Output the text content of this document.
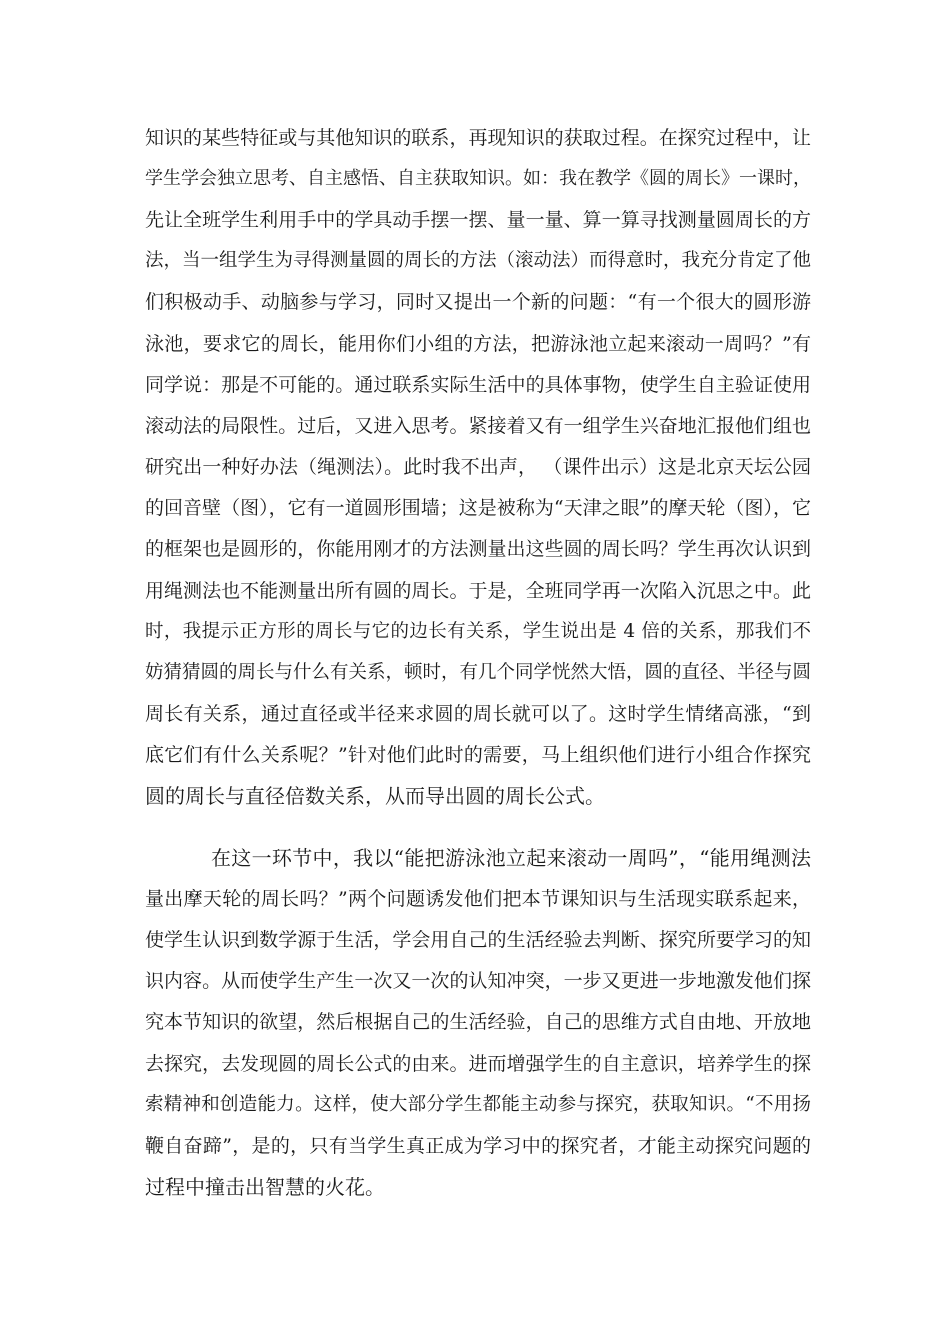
知识的某些特征或与其他知识的联系，再现知识的获取过程。在探究过程中，让
学生学会独立思考、自主感悟、自主获取知识。如：我在教学《圆的周长》一课时，
先让全班学生利用手中的学具动手摆一摆、量一量、算一算寻找测量圆周长的方
法，当一组学生为寻得测量圆的周长的方法（滚动法）而得意时，我充分肯定了他
们积极动手、动脑参与学习，同时又提出一个新的问题：“有一个很大的圆形游
泳池，要求它的周长，能用你们小组的方法，把游泳池立起来滚动一周吗？”有
同学说：那是不可能的。通过联系实际生活中的具体事物，使学生自主验证使用
滚动法的局限性。过后，又进入思考。紧接着又有一组学生兴奋地汇报他们组也
研究出一种好办法（绳测法）。此时我不出声， （课件出示）这是北京天坛公园
的回音壁（图），它有一道圆形围墙；这是被称为“天津之眼”的摩天轮（图），它
的框架也是圆形的，你能用刚才的方法测量出这些圆的周长吗？学生再次认识到
用绳测法也不能测量出所有圆的周长。于是，全班同学再一次陷入沉思之中。此
时，我提示正方形的周长与它的边长有关系，学生说出是 4 倍的关系，那我们不
妨猜猜圆的周长与什么有关系，顿时，有几个同学恍然大悟，圆的直径、半径与圆
周长有关系，通过直径或半径来求圆的周长就可以了。这时学生情绪高涨，“到
底它们有什么关系呢？”针对他们此时的需要，马上组织他们进行小组合作探究
圆的周长与直径倍数关系，从而导出圆的周长公式。
在这一环节中，我以“能把游泳池立起来滚动一周吗”，“能用绳测法
量出摩天轮的周长吗？”两个问题诱发他们把本节课知识与生活现实联系起来，
使学生认识到数学源于生活，学会用自己的生活经验去判断、探究所要学习的知
识内容。从而使学生产生一次又一次的认知冲突，一步又更进一步地激发他们探
究本节知识的欲望，然后根据自己的生活经验，自己的思维方式自由地、开放地
去探究，去发现圆的周长公式的由来。进而增强学生的自主意识，培养学生的探
索精神和创造能力。这样，使大部分学生都能主动参与探究，获取知识。“不用扬
鞭自奋蹄”，是的，只有当学生真正成为学习中的探究者，才能主动探究问题的
过程中撞击出智慧的火花。
